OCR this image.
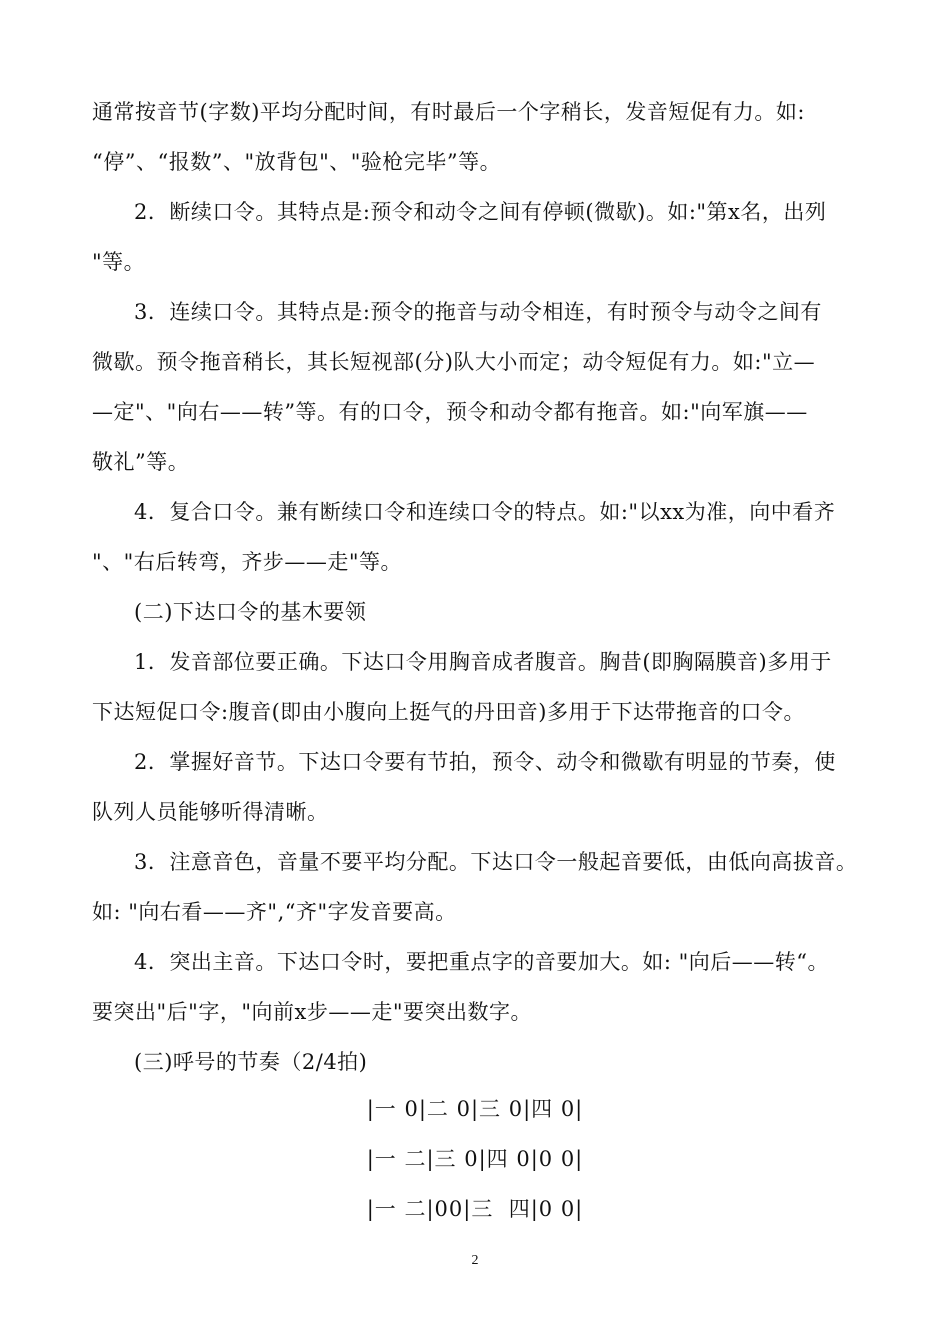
通常按音节(字数)平均分配时间，有时最后一个字稍长，发音短促有力。如:
“停”、“报数”、"放背包"、"验枪完毕”等。
2．断续口令。其特点是:预令和动令之间有停顿(微歇)。如:"第x名，出列
"等。
3．连续口令。其特点是:预令的拖音与动令相连，有时预令与动令之间有
微歇。预令拖音稍长，其长短视部(分)队大小而定；动令短促有力。如:"立—
—定"、"向右——转”等。有的口令，预令和动令都有拖音。如:"向军旗——
敬礼”等。
4．复合口令。兼有断续口令和连续口令的特点。如:"以xx为准，向中看齐
"、"右后转弯，齐步——走"等。
(二)下达口令的基木要领
1．发音部位要正确。下达口令用胸音成者腹音。胸昔(即胸隔膜音)多用于
下达短促口令:腹音(即由小腹向上挺气的丹田音)多用于下达带拖音的口令。
2．掌握好音节。下达口令要有节拍，预令、动令和微歇有明显的节奏，使
队列人员能够听得清晰。
3．注意音色，音量不要平均分配。下达口令一般起音要低，由低向高拔音。
如: "向右看——齐",“齐"字发音要高。
4．突出主音。下达口令时，要把重点字的音要加大。如: "向后——转“。
要突出"后"字，"向前x步——走"要突出数字。
(三)呼号的节奏（2/4拍)
|一 0|二 0|三 0|四 0|
|一 二|三 0|四 0|0 0|
|一 二|00|三  四|0 0|
2
